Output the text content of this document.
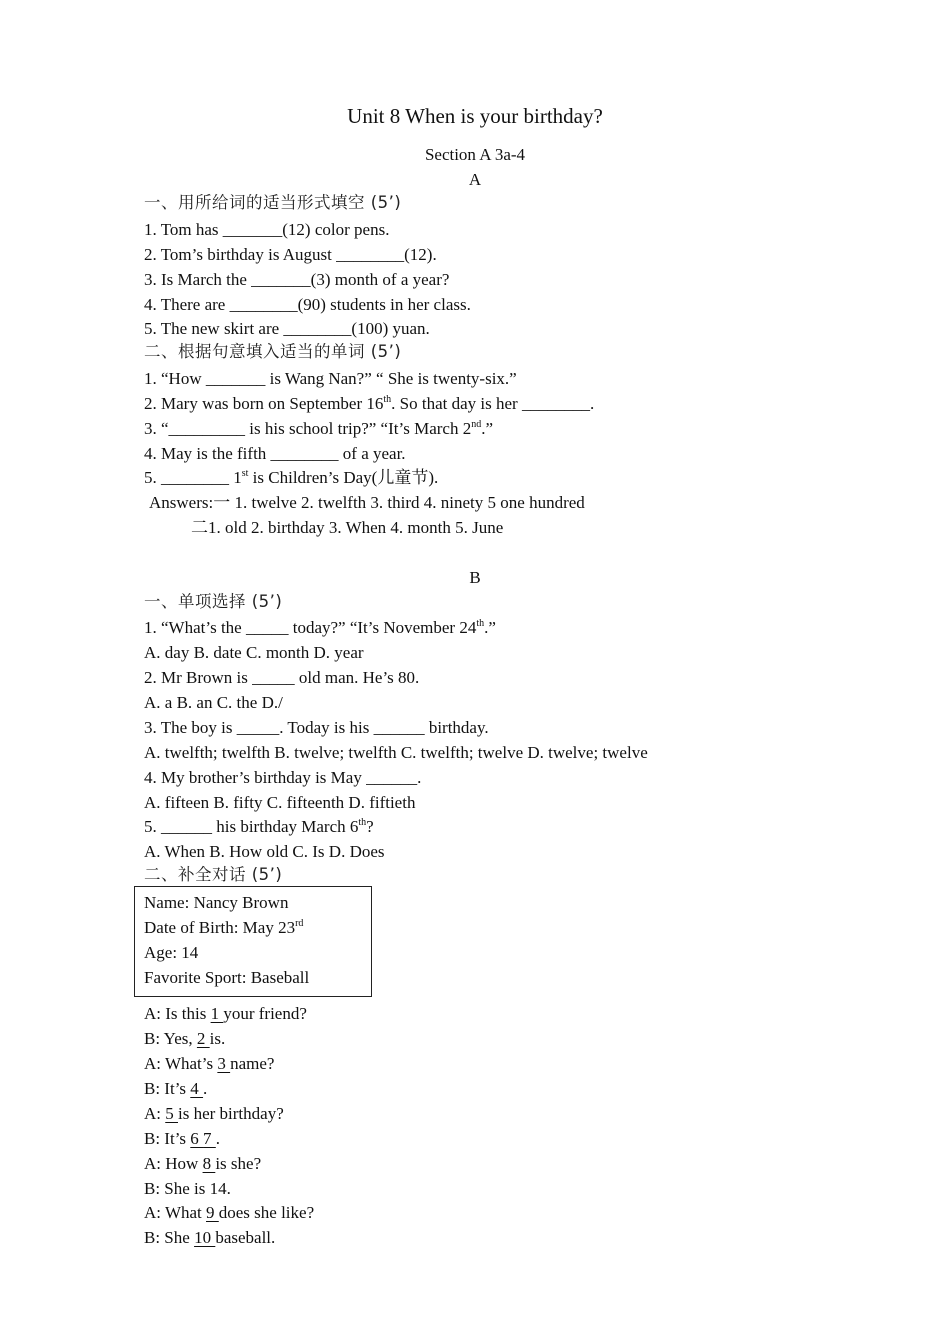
Unit 8 When is your birthday?
Section A 3a-4
A
一、用所给词的适当形式填空 (5’)
1. Tom has _______(12) color pens.
2. Tom’s birthday is August ________(12).
3. Is March the _______(3) month of a year?
4. There are ________(90) students in her class.
5. The new skirt are ________(100) yuan.
二、根据句意填入适当的单词 (5’)
1. “How _______ is Wang Nan?” “ She is twenty-six.”
2. Mary was born on September 16th. So that day is her ________.
3. “_________ is his school trip?” “It’s March 2nd.”
4. May is the fifth ________ of a year.
5. ________ 1st is Children’s Day(儿童节).
Answers:一 1. twelve 2. twelfth 3. third 4. ninety 5 one hundred
二1. old 2. birthday 3. When 4. month 5. June
B
一、单项选择 (5’)
1. “What’s the _____ today?” “It’s November 24th.”
A. day B. date C. month D. year
2. Mr Brown is _____ old man. He’s 80.
A. a B. an C. the D./
3. The boy is _____. Today is his ______ birthday.
A. twelfth; twelfth B. twelve; twelfth C. twelfth; twelve D. twelve; twelve
4. My brother’s birthday is May ______.
A. fifteen B. fifty C. fifteenth D. fiftieth
5. ______ his birthday March 6th?
A. When B. How old C. Is D. Does
二、补全对话 (5’)
Name: Nancy Brown
Date of Birth: May 23rd
Age: 14
Favorite Sport: Baseball
A: Is this 1 your friend?
B: Yes, 2 is.
A: What’s 3 name?
B: It’s 4 .
A: 5 is her birthday?
B: It’s 6 7 .
A: How 8 is she?
B: She is 14.
A: What 9 does she like?
B: She 10 baseball.
